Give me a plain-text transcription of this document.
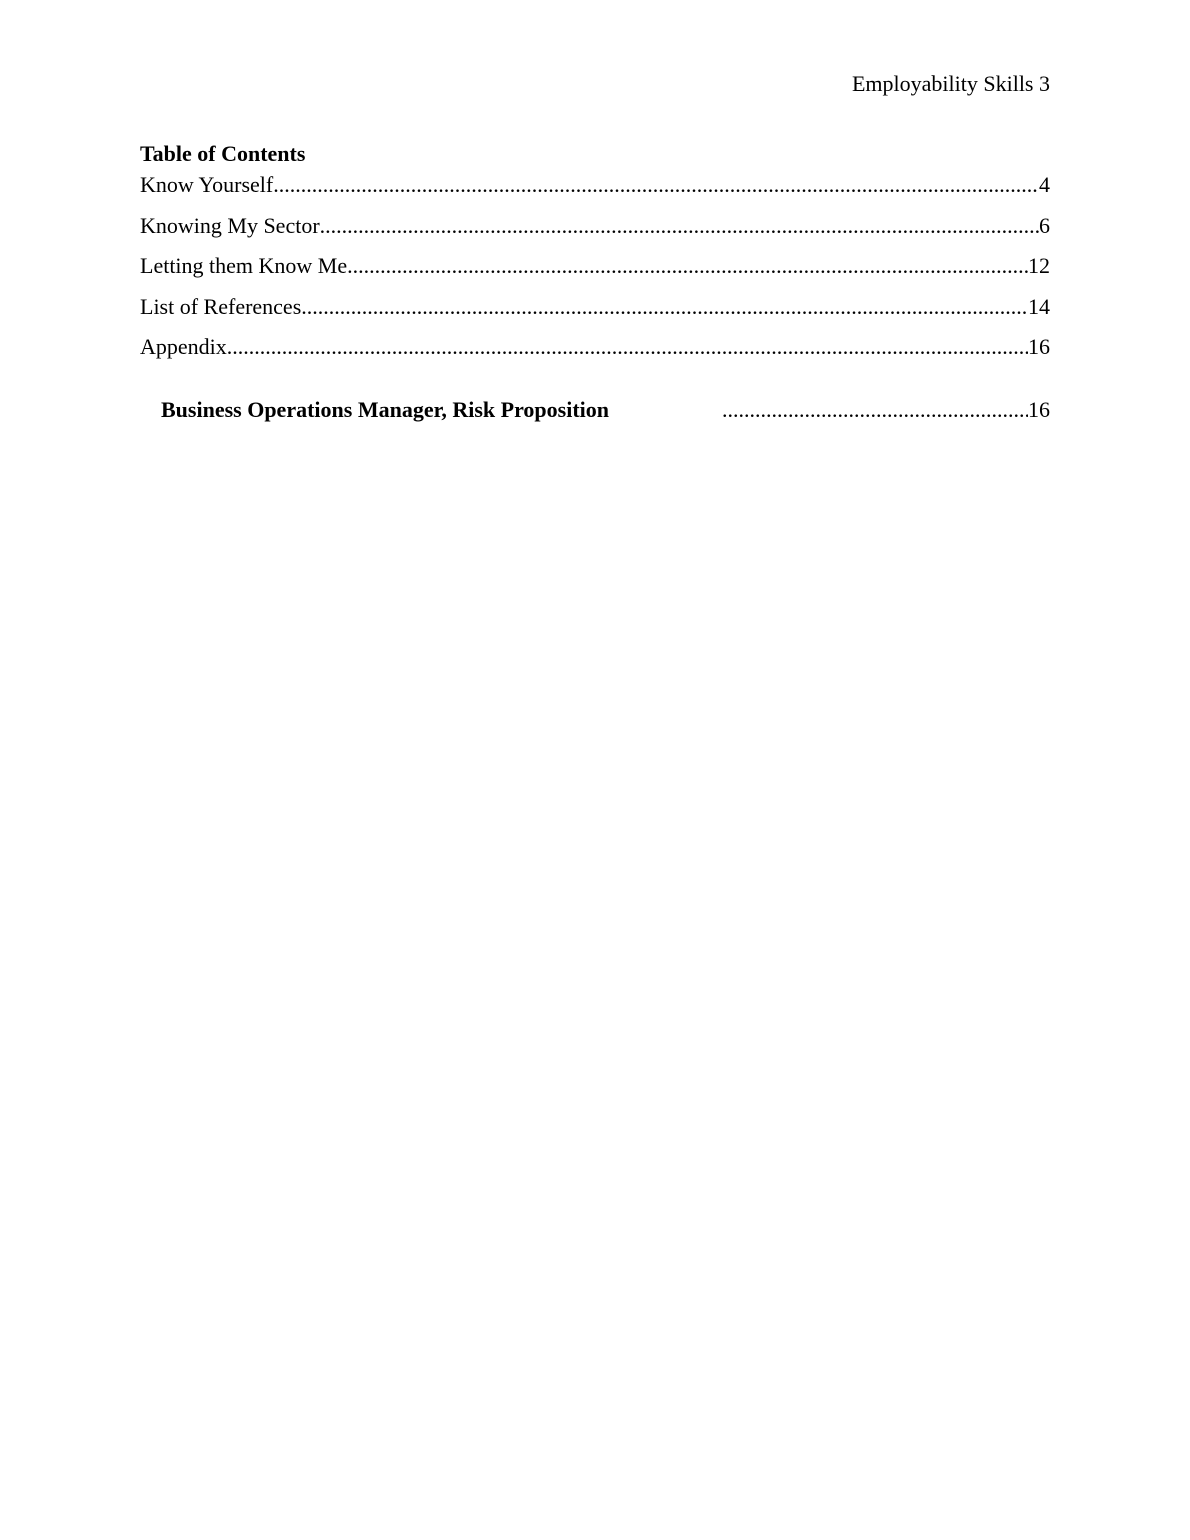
Employability Skills 3
Table of Contents
Know Yourself .....	4
Knowing My Sector .....	6
Letting them Know Me .....	12
List of References .....	14
Appendix .....	16
Business Operations Manager, Risk Proposition .....	16
